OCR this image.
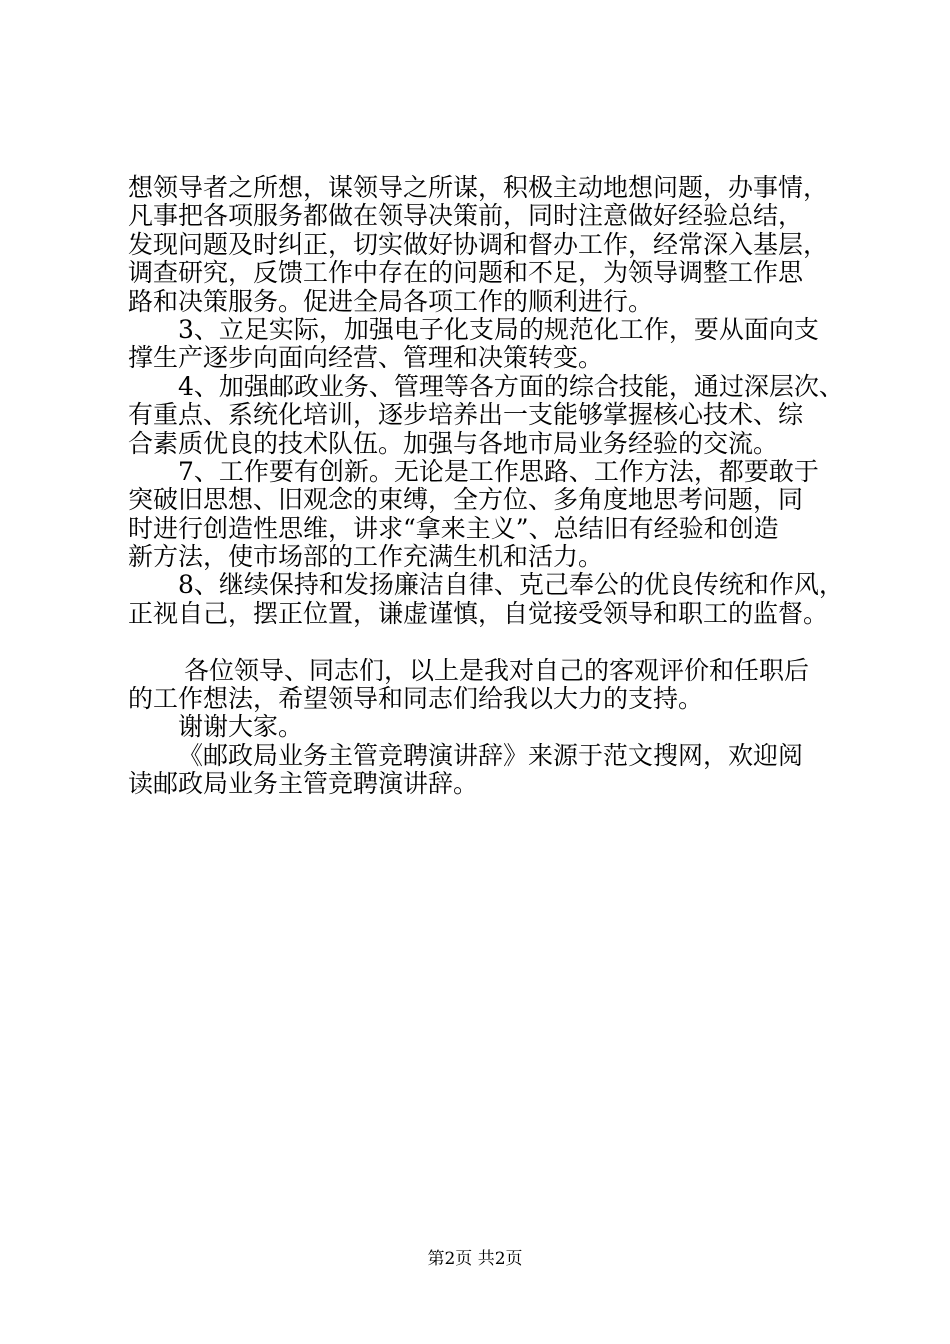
想领导者之所想，谋领导之所谋，积极主动地想问题，办事情，
凡事把各项服务都做在领导决策前，同时注意做好经验总结，
发现问题及时纠正，切实做好协调和督办工作，经常深入基层，
调查研究，反馈工作中存在的问题和不足，为领导调整工作思
路和决策服务。促进全局各项工作的顺利进行。
3、立足实际，加强电子化支局的规范化工作，要从面向支
撑生产逐步向面向经营、管理和决策转变。
4、加强邮政业务、管理等各方面的综合技能，通过深层次、
有重点、系统化培训，逐步培养出一支能够掌握核心技术、综
合素质优良的技术队伍。加强与各地市局业务经验的交流。
7、工作要有创新。无论是工作思路、工作方法，都要敢于
突破旧思想、旧观念的束缚，全方位、多角度地思考问题，同
时进行创造性思维，讲求“拿来主义”、总结旧有经验和创造
新方法，使市场部的工作充满生机和活力。
8、继续保持和发扬廉洁自律、克己奉公的优良传统和作风，
正视自己，摆正位置，谦虚谨慎，自觉接受领导和职工的监督。
各位领导、同志们，以上是我对自己的客观评价和任职后
的工作想法，希望领导和同志们给我以大力的支持。
谢谢大家。
《邮政局业务主管竞聘演讲辞》来源于范文搜网，欢迎阅
读邮政局业务主管竞聘演讲辞。
第2页 共2页
